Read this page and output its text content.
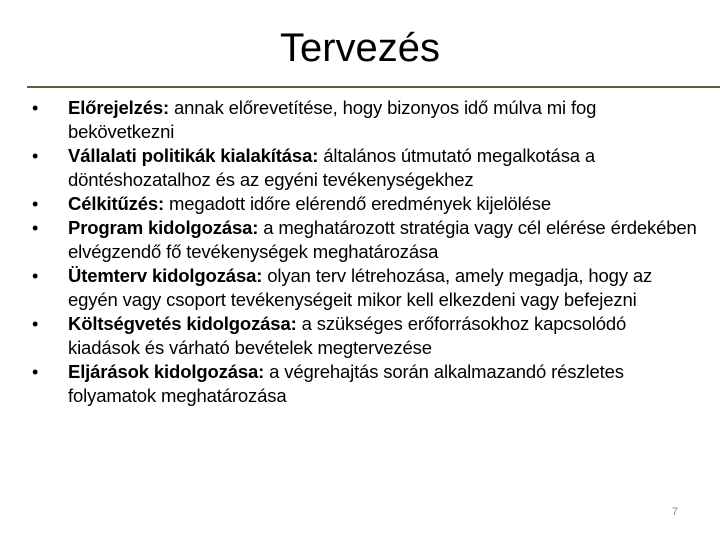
Tervezés
•	Előrejelzés: annak előrevetítése, hogy bizonyos idő múlva mi fog bekövetkezni
•	Vállalati politikák kialakítása: általános útmutató megalkotása a döntéshozatalhoz és az egyéni tevékenységekhez
•	Célkitűzés: megadott időre elérendő eredmények kijelölése
•	Program kidolgozása: a meghatározott stratégia vagy cél elérése érdekében elvégzendő fő tevékenységek meghatározása
•	Ütemterv kidolgozása: olyan terv létrehozása, amely megadja, hogy az egyén vagy csoport tevékenységeit mikor kell elkezdeni vagy befejezni
•	Költségvetés kidolgozása: a szükséges erőforrásokhoz kapcsolódó kiadások és várható bevételek megtervezése
•	Eljárások kidolgozása: a végrehajtás során alkalmazandó részletes folyamatok meghatározása
7
